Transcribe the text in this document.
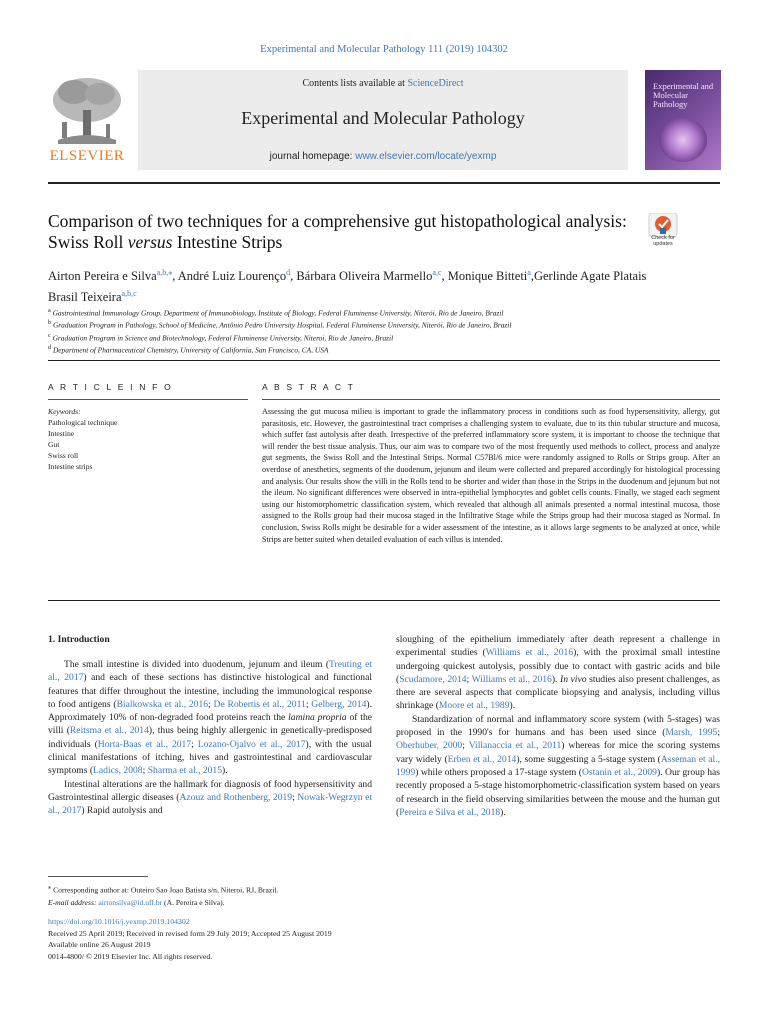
Experimental and Molecular Pathology 111 (2019) 104302
ELSEVIER
Contents lists available at ScienceDirect
Experimental and Molecular Pathology
journal homepage: www.elsevier.com/locate/yexmp
Experimental and Molecular Pathology
Comparison of two techniques for a comprehensive gut histopathological analysis: Swiss Roll versus Intestine Strips	Check for
updates
Airton Pereira e Silva$^{a,b,⁎}$, André Luiz Lourenço$^d$, Bárbara Oliveira Marmello$^{a,c}$, Monique Bitteti$^a$,Gerlinde Agate Platais Brasil Teixeira$^{a,b,c}$
$^a$ Gastrointestinal Immunology Group, Department of Immunobiology, Institute of Biology, Federal Fluminense University, Niterói, Rio de Janeiro, Brazil
$^b$ Graduation Program in Pathology, School of Medicine, Antônio Pedro University Hospital, Federal Fluminense University, Niterói, Rio de Janeiro, Brazil
$^c$ Graduation Program in Science and Biotechnology, Federal Fluminense University, Niteroi, Rio de Janeiro, Brazil
$^d$ Department of Pharmaceutical Chemistry, University of California, San Francisco, CA, USA
A R T I C L E I N F O	A B S T R A C T
Keywords:
Pathological technique
Intestine
Gut
Swiss roll
Intestine strips
Assessing the gut mucosa milieu is important to grade the inflammatory process in conditions such as food hypersensitivity, allergy, gut parasitosis, etc. However, the gastrointestinal tract comprises a challenging system to evaluate, due to its thin tubular structure and mucosa, which suffer fast autolysis after death. Irrespective of the preferred inflammatory score system, it is important to choose the technique that will render the best tissue analysis. Thus, our aim was to compare two of the most frequently used methods to collect, process and analyze gut segments, the Swiss Roll and the Intestinal Strips. Normal C57Bl/6 mice were randomly assigned to Rolls or Strips group. After an overdose of anesthetics, segments of the duodenum, jejunum and ileum were collected and prepared accordingly for histological processing and analysis. Our results show the villi in the Rolls tend to be shorter and wider than those in the Strips in the duodenum and jejunum but not the ileum. No significant differences were observed in intra-epithelial lymphocytes and goblet cells counts. Finally, we staged each segment using our histomorphometric classification system, which revealed that although all animals presented a normal intestinal mucosa, those assigned to the Rolls group had their mucosa staged in the Infiltrative Stage while the Strips group had their mucosa staged as Normal. In conclusion, Swiss Rolls might be desirable for a wider assessment of the intestine, as it allows large segments to be analyzed at once, while Strips are better suited when detailed evaluation of each villus is intended.
1. Introduction

The small intestine is divided into duodenum, jejunum and ileum (Treuting et al., 2017) and each of these sections has distinctive histological and functional features that differ throughout the intestine, including the immunological response to food antigens (Bialkowska et al., 2016; De Robertis et al., 2011; Gelberg, 2014). Approximately 10% of non-degraded food proteins reach the lamina propria of the villi (Reitsma et al., 2014), thus being highly allergenic in genetically-predisposed individuals (Horta-Baas et al., 2017; Lozano-Ojalvo et al., 2017), with the usual clinical manifestations of itching, hives and gastrointestinal and cardiovascular symptoms (Ladics, 2008; Sharma et al., 2015).

Intestinal alterations are the hallmark for diagnosis of food hypersensitivity and Gastrointestinal allergic diseases (Azouz and Rothenberg, 2019; Nowak-Wegrzyn et al., 2017) Rapid autolysis and

sloughing of the epithelium immediately after death represent a challenge in experimental studies (Williams et al., 2016), with the proximal small intestine undergoing quickest autolysis, possibly due to contact with gastric acids and bile (Scudamore, 2014; Williams et al., 2016). In vivo studies also present challenges, as there are several aspects that complicate biopsying and analysis, including villus shrinkage (Moore et al., 1989).

Standardization of normal and inflammatory score system (with 5-stages) was proposed in the 1990's for humans and has been used since (Marsh, 1995; Oberhuber, 2000; Villanaccia et al., 2011) whereas for mice the scoring systems vary widely (Erben et al., 2014), some suggesting a 5-stage system (Asseman et al., 1999) while others proposed a 17-stage system (Ostanin et al., 2009). Our group has recently proposed a 5-stage histomorphometric-classification system based on years of research in the field observing similarities between the mouse and the human gut (Pereira e Silva et al., 2018).

⁎ Corresponding author at: Outeiro Sao Joao Batista s/n, Niteroi, RJ, Brazil.
E-mail address: airtonsilva@id.uff.br (A. Pereira e Silva).
https://doi.org/10.1016/j.yexmp.2019.104302
Received 25 April 2019; Received in revised form 29 July 2019; Accepted 25 August 2019
Available online 26 August 2019
0014-4800/ © 2019 Elsevier Inc. All rights reserved.
